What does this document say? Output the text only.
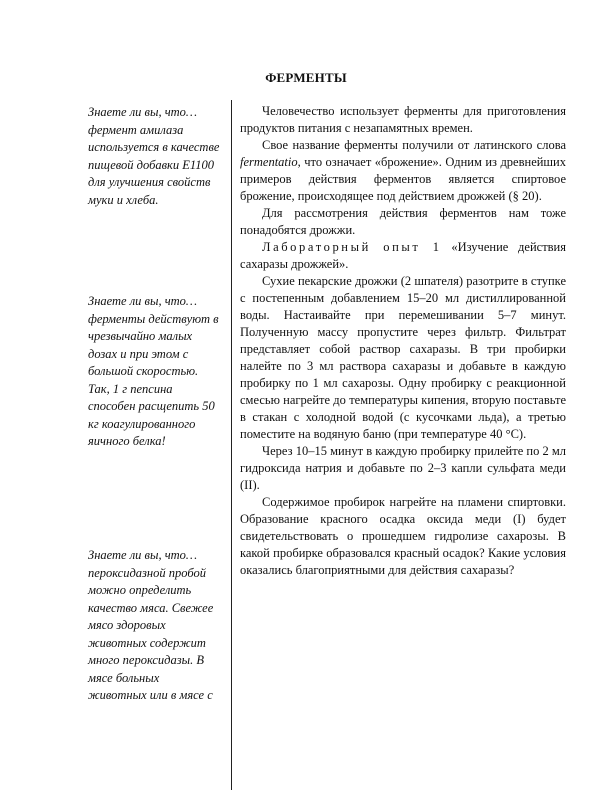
ФЕРМЕНТЫ
Знаете ли вы, что… фермент амилаза используется в качестве пищевой добавки Е1100 для улучшения свойств муки и хлеба.
Знаете ли вы, что… ферменты действуют в чрезвычайно малых дозах и при этом с большой скоростью. Так, 1 г пепсина способен расщепить 50 кг коагулированного яичного белка!
Знаете ли вы, что… пероксидазной пробой можно определить качество мяса. Свежее мясо здоровых животных содержит много пероксидазы. В мясе больных животных или в мясе с

Человечество использует ферменты для приготовления продуктов питания с незапамятных времен.

Свое название ферменты получили от латинского слова fermentatio, что означает «брожение». Одним из древнейших примеров действия ферментов является спиртовое брожение, происходящее под действием дрожжей (§ 20).

Для рассмотрения действия ферментов нам тоже понадобятся дрожжи.

Лабораторный опыт 1 «Изучение действия сахаразы дрожжей».

Сухие пекарские дрожжи (2 шпателя) разотрите в ступке с постепенным добавлением 15–20 мл дистиллированной воды. Настаивайте при перемешивании 5–7 минут. Полученную массу пропустите через фильтр. Фильтрат представляет собой раствор сахаразы. В три пробирки налейте по 3 мл раствора сахаразы и добавьте в каждую пробирку по 1 мл сахарозы. Одну пробирку с реакционной смесью нагрейте до температуры кипения, вторую поставьте в стакан с холодной водой (с кусочками льда), а третью поместите на водяную баню (при температуре 40 °С).

Через 10–15 минут в каждую пробирку прилейте по 2 мл гидроксида натрия и добавьте по 2–3 капли сульфата меди (II).

Содержимое пробирок нагрейте на пламени спиртовки. Образование красного осадка оксида меди (I) будет свидетельствовать о прошедшем гидролизе сахарозы. В какой пробирке образовался красный осадок? Какие условия оказались благоприятными для действия сахаразы?
